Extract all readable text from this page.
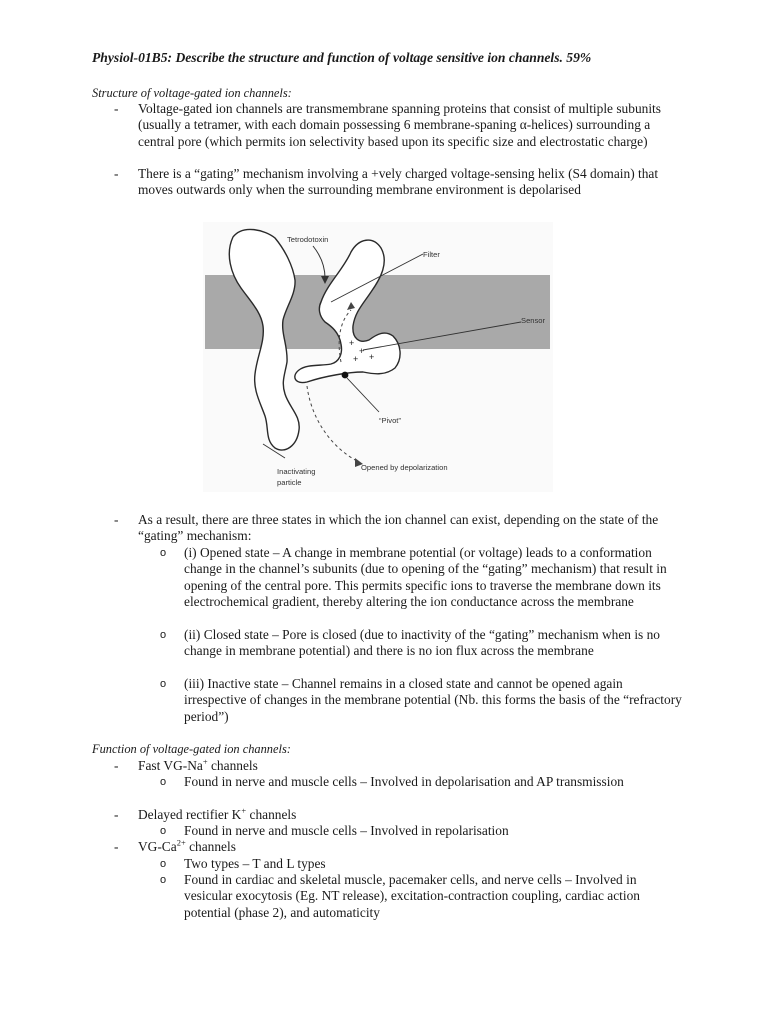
Physiol-01B5: Describe the structure and function of voltage sensitive ion channels. 59%
Structure of voltage-gated ion channels:
- Voltage-gated ion channels are transmembrane spanning proteins that consist of multiple subunits (usually a tetramer, with each domain possessing 6 membrane-spaning α-helices) surrounding a central pore (which permits ion selectivity based upon its specific size and electrostatic charge)
- There is a “gating” mechanism involving a +vely charged voltage-sensing helix (S4 domain) that moves outwards only when the surrounding membrane environment is depolarised
+
+
+
+
Tetrodotoxin
Filter
Sensor
“Pivot”
Inactivating
particle
Opened by depolarization
- As a result, there are three states in which the ion channel can exist, depending on the state of the “gating” mechanism:
o (i) Opened state – A change in membrane potential (or voltage) leads to a conformation change in the channel’s subunits (due to opening of the “gating” mechanism) that result in opening of the central pore. This permits specific ions to traverse the membrane down its electrochemical gradient, thereby altering the ion conductance across the membrane
o (ii) Closed state – Pore is closed (due to inactivity of the “gating” mechanism when is no change in membrane potential) and there is no ion flux across the membrane
o (iii) Inactive state – Channel remains in a closed state and cannot be opened again irrespective of changes in the membrane potential (Nb. this forms the basis of the “refractory period”)
Function of voltage-gated ion channels:
- Fast VG-Na+ channels
o Found in nerve and muscle cells – Involved in depolarisation and AP transmission
- Delayed rectifier K+ channels
o Found in nerve and muscle cells – Involved in repolarisation
- $VG-Ca^{2+}$ channels
o Two types – T and L types
o Found in cardiac and skeletal muscle, pacemaker cells, and nerve cells – Involved in vesicular exocytosis (Eg. NT release), excitation-contraction coupling, cardiac action potential (phase 2), and automaticity
